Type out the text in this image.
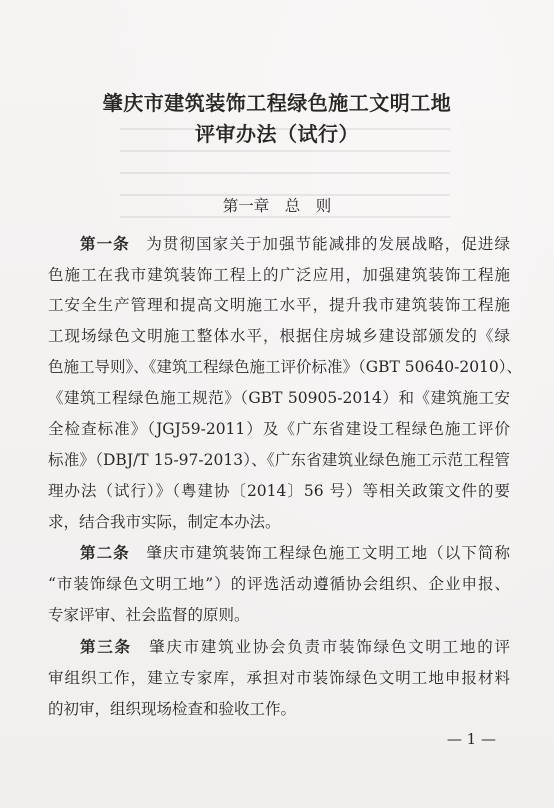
肇庆市建筑装饰工程绿色施工文明工地
评审办法（试行）
第一章　总　则
第一条　 为贯彻国家关于加强节能减排的发展战略，促进绿
色施工在我市建筑装饰工程上的广泛应用，加强建筑装饰工程施
工安全生产管理和提高文明施工水平，提升我市建筑装饰工程施
工现场绿色文明施工整体水平，根据住房城乡建设部颁发的《绿
色施工导则》、《建筑工程绿色施工评价标准》（GBT 50640-2010）、
《建筑工程绿色施工规范》（GBT 50905-2014）和《建筑施工安
全检查标准》（JGJ59-2011）及《广东省建设工程绿色施工评价
标准》（DBJ/T 15-97-2013）、《广东省建筑业绿色施工示范工程管
理办法（试行）》（粤建协〔2014〕56 号）等相关政策文件的要
求，结合我市实际，制定本办法。
第二条　 肇庆市建筑装饰工程绿色施工文明工地（以下简称
“市装饰绿色文明工地”）的评选活动遵循协会组织、企业申报、
专家评审、社会监督的原则。
第三条　 肇庆市建筑业协会负责市装饰绿色文明工地的评
审组织工作，建立专家库，承担对市装饰绿色文明工地申报材料
的初审，组织现场检查和验收工作。
— 1 —
